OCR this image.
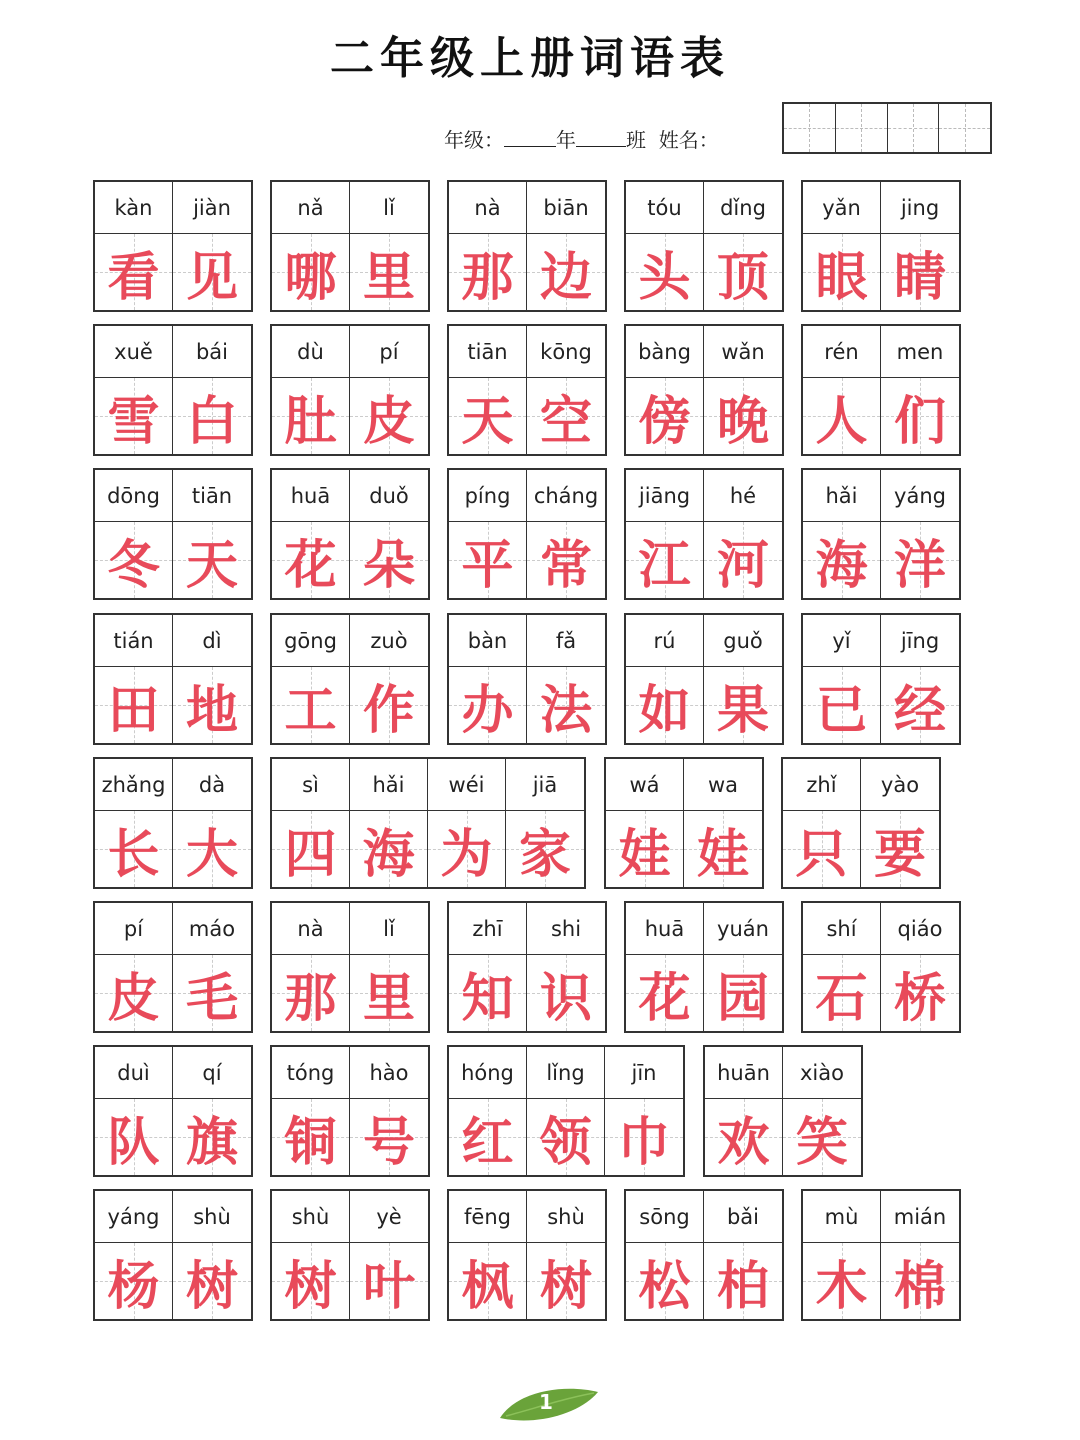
二年级上册词语表
年级：	年	班 姓名：
kàn
看
jiàn
见
nǎ
哪
lǐ
里
nà
那
biān
边
tóu
头
dǐng
顶
yǎn
眼
jing
睛
xuě
雪
bái
白
dù
肚
pí
皮
tiān
天
kōng
空
bàng
傍
wǎn
晚
rén
人
men
们
dōng
冬
tiān
天
huā
花
duǒ
朵
píng
平
cháng
常
jiāng
江
hé
河
hǎi
海
yáng
洋
tián
田
dì
地
gōng
工
zuò
作
bàn
办
fǎ
法
rú
如
guǒ
果
yǐ
已
jīng
经
zhǎng
长
dà
大
sì
四
hǎi
海
wéi
为
jiā
家
wá
娃
wa
娃
zhǐ
只
yào
要
pí
皮
máo
毛
nà
那
lǐ
里
zhī
知
shi
识
huā
花
yuán
园
shí
石
qiáo
桥
duì
队
qí
旗
tóng
铜
hào
号
hóng
红
lǐng
领
jīn
巾
huān
欢
xiào
笑
yáng
杨
shù
树
shù
树
yè
叶
fēng
枫
shù
树
sōng
松
bǎi
柏
mù
木
mián
棉
1
